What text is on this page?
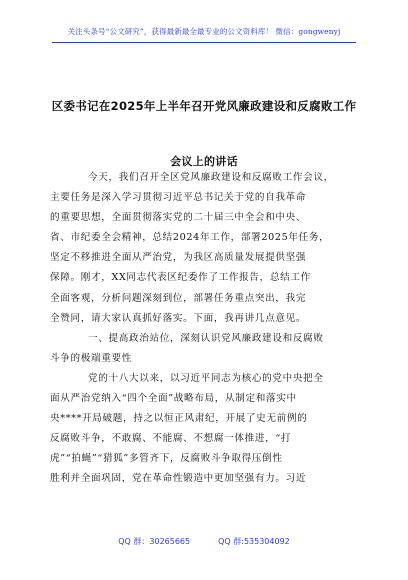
关注头条号“公文研究”，获得最新最全最专业的公文资料库！ 微信：gongwenyj
区委书记在2025年上半年召开党风廉政建设和反腐败工作
会议上的讲话
今天，我们召开全区党风廉政建设和反腐败工作会议，
主要任务是深入学习贯彻习近平总书记关于党的自我革命
的重要思想，全面贯彻落实党的二十届三中全会和中央、
省、市纪委全会精神，总结2024年工作，部署2025年任务，
坚定不移推进全面从严治党，为我区高质量发展提供坚强
保障。刚才，XX同志代表区纪委作了工作报告，总结工作
全面客观，分析问题深刻到位，部署任务重点突出，我完
全赞同，请大家认真抓好落实。下面，我再讲几点意见。
一、提高政治站位，深刻认识党风廉政建设和反腐败
斗争的极端重要性
党的十八大以来，以习近平同志为核心的党中央把全
面从严治党纳入“四个全面”战略布局，从制定和落实中
央****开局破题，持之以恒正风肃纪，开展了史无前例的
反腐败斗争，不敢腐、不能腐、不想腐一体推进，“打
虎”“拍蝇”“猎狐”多管齐下，反腐败斗争取得压倒性
胜利并全面巩固，党在革命性锻造中更加坚强有力。习近
QQ 群：30265665	QQ 群:535304092
